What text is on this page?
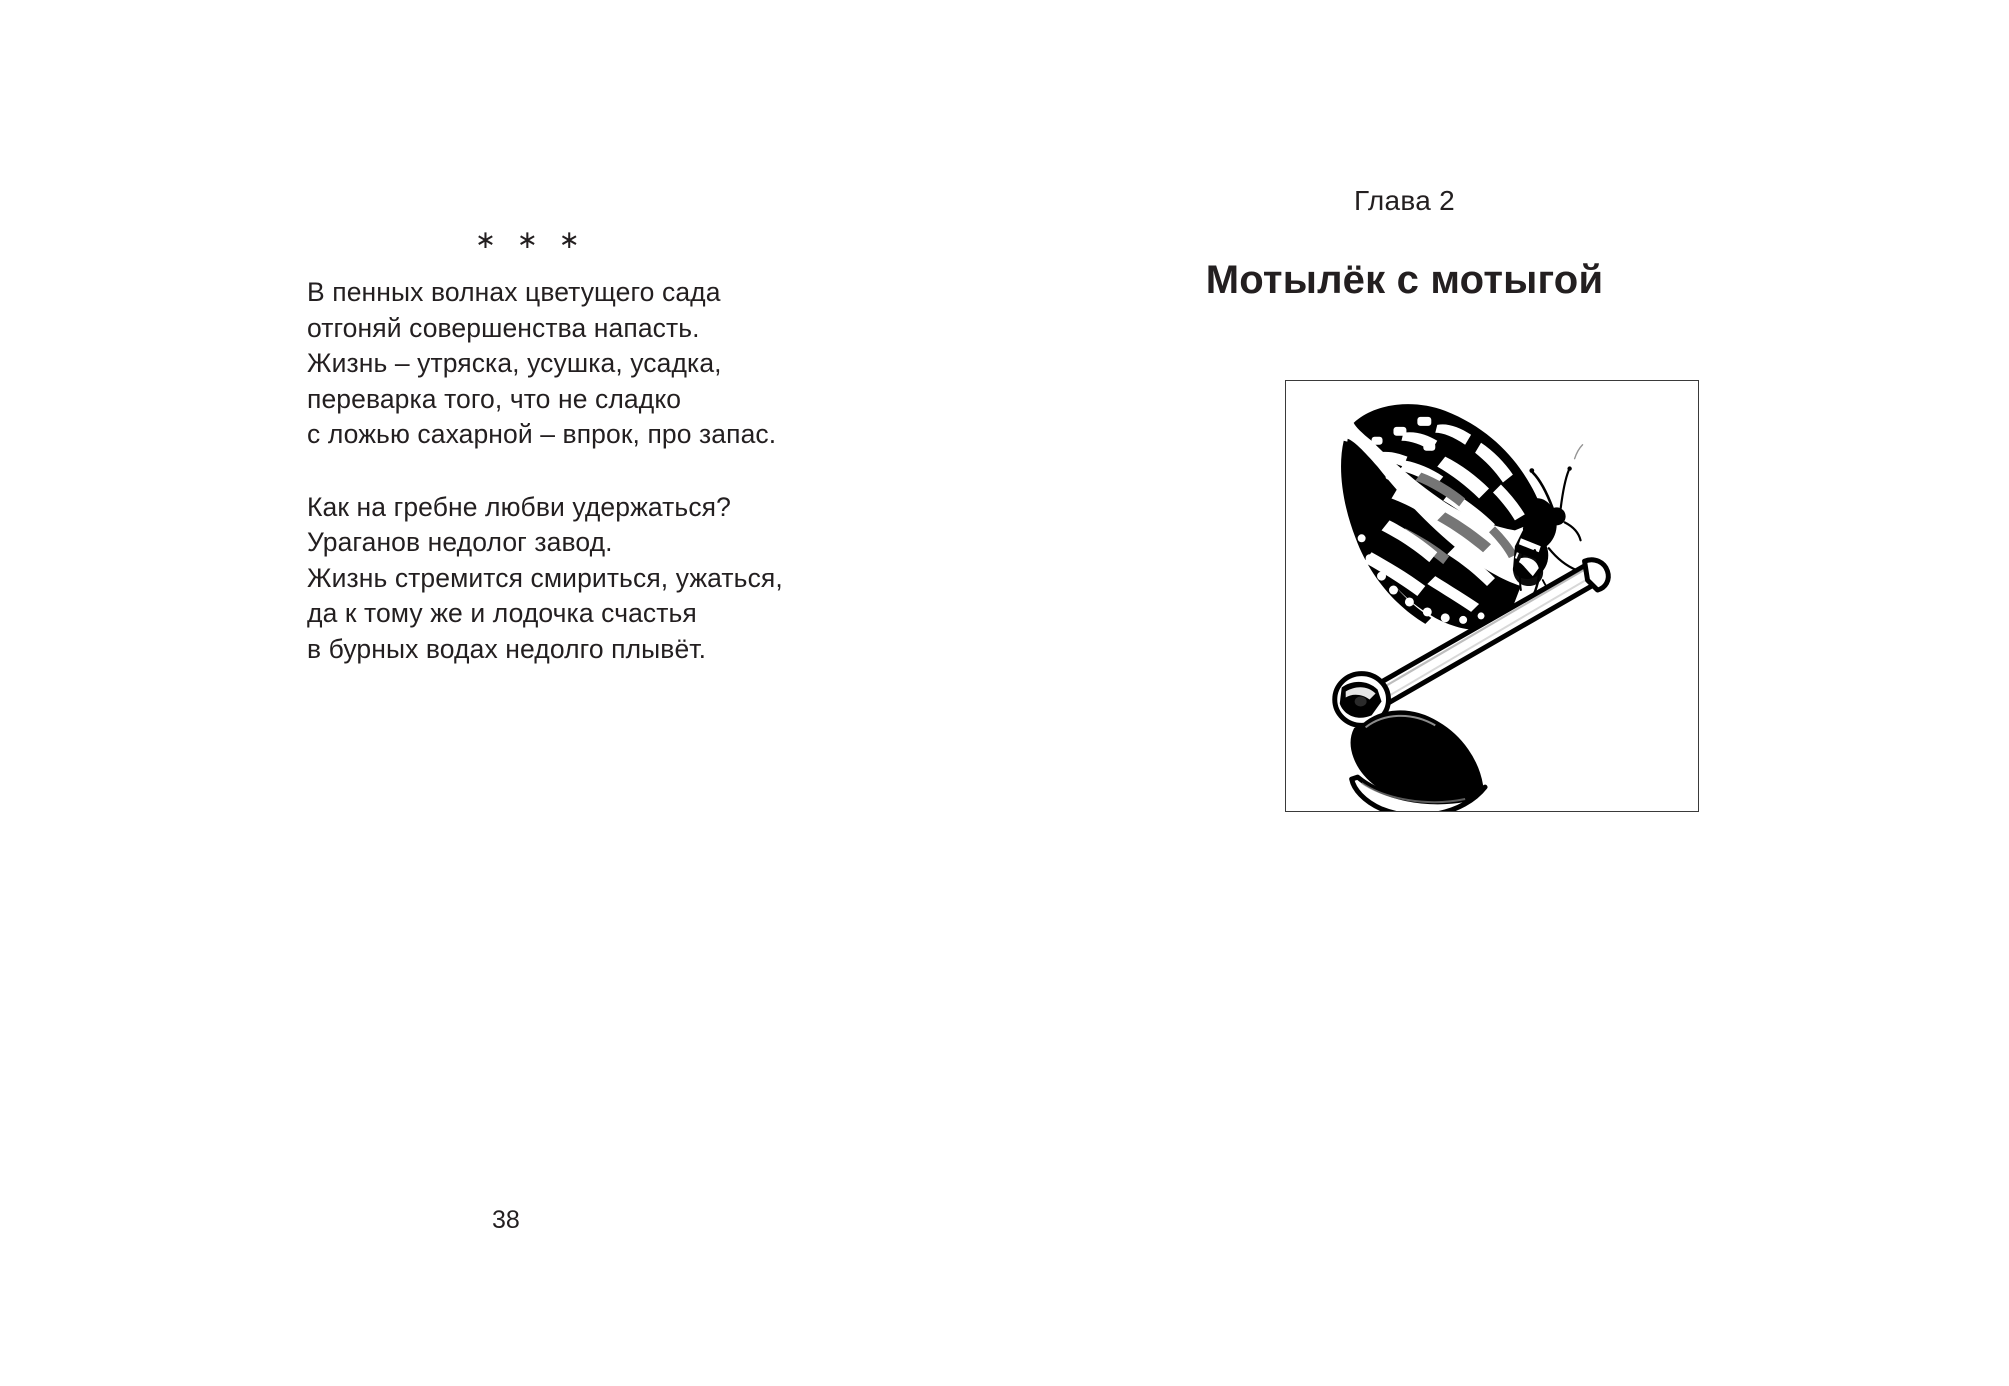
∗ ∗ ∗
В пенных волнах цветущего сада
отгоняй совершенства напасть.
Жизнь – утряска, усушка, усадка,
переварка того, что не сладко
с ложью сахарной – впрок, про запас.
Как на гребне любви удержаться?
Ураганов недолог завод.
Жизнь стремится смириться, ужаться,
да к тому же и лодочка счастья
в бурных водах недолго плывёт.
38
Глава 2
Мотылёк с мотыгой
